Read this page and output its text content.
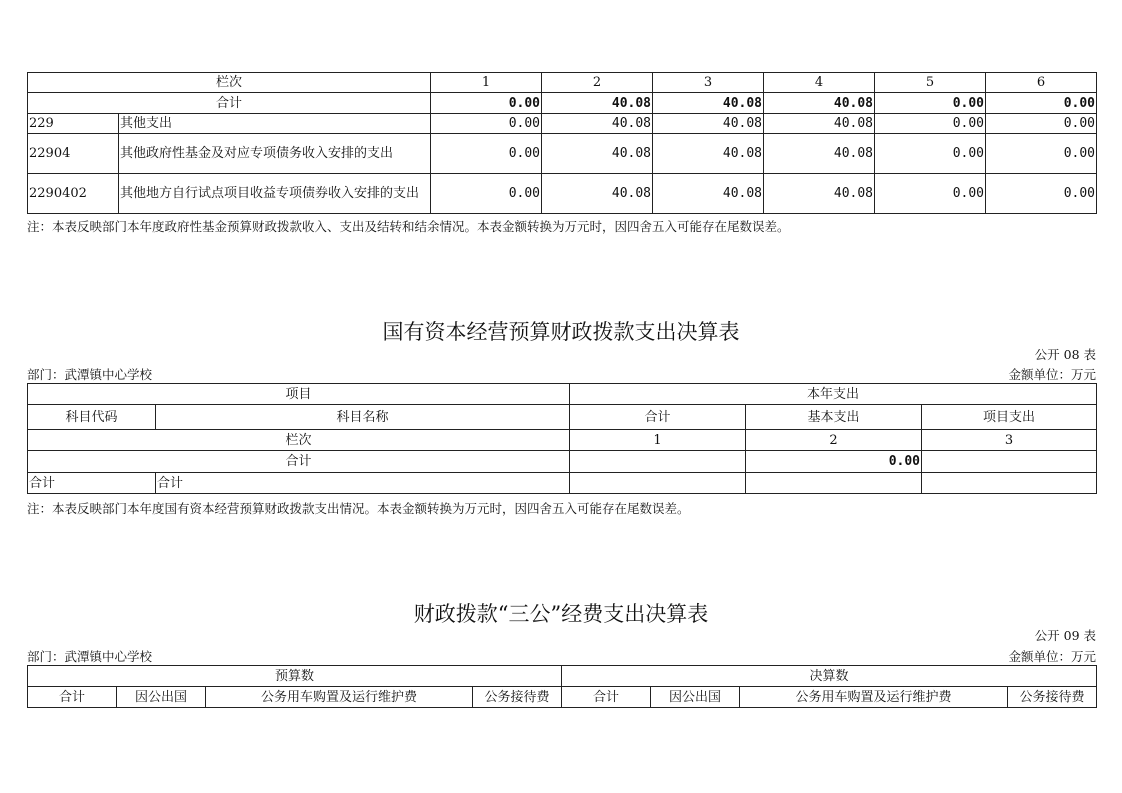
栏次		1	2	3	4	5	6
合计		0.00	40.08	40.08	40.08	0.00	0.00
229	其他支出	0.00	40.08	40.08	40.08	0.00	0.00
22904	其他政府性基金及对应专项债务收入安排的支出	0.00	40.08	40.08	40.08	0.00	0.00
2290402	其他地方自行试点项目收益专项债券收入安排的支出	0.00	40.08	40.08	40.08	0.00	0.00
注：本表反映部门本年度政府性基金预算财政拨款收入、支出及结转和结余情况。本表金额转换为万元时，因四舍五入可能存在尾数误差。
国有资本经营预算财政拨款支出决算表
公开 08 表
部门：武潭镇中心学校	金额单位：万元
项目		本年支出		
科目代码	科目名称	合计	基本支出	项目支出
栏次		1	2	3
合计			0.00	
合计	合计			
注：本表反映部门本年度国有资本经营预算财政拨款支出情况。本表金额转换为万元时，因四舍五入可能存在尾数误差。
财政拨款“三公”经费支出决算表
公开 09 表
部门：武潭镇中心学校	金额单位：万元
预算数				决算数			
合计	因公出国	公务用车购置及运行维护费	公务接待费	合计	因公出国	公务用车购置及运行维护费	公务接待费
